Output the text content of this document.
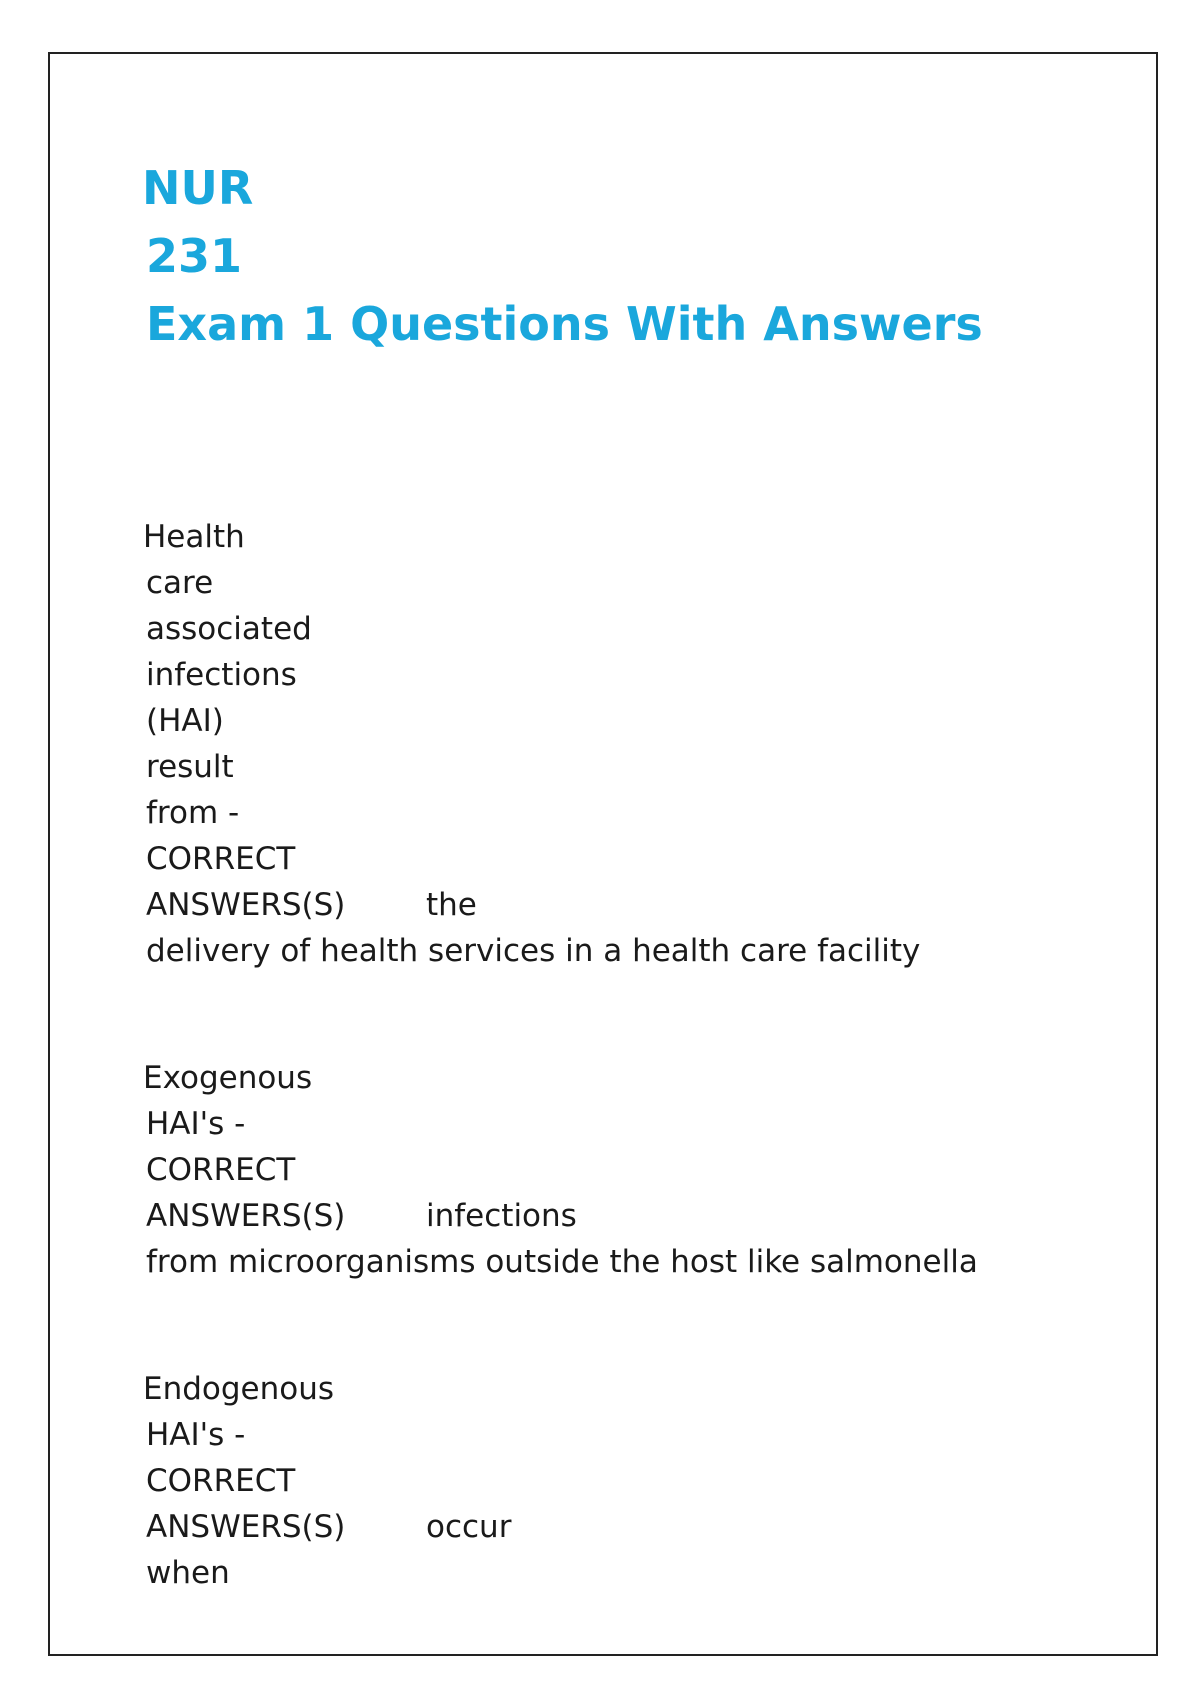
NUR
231
Exam 1 Questions With Answers
Health
care
associated
infections
(HAI)
result
from -
CORRECT
ANSWERS(S)	the
delivery of health services in a health care facility
Exogenous
HAI's -
CORRECT
ANSWERS(S)	infections
from microorganisms outside the host like salmonella
Endogenous
HAI's -
CORRECT
ANSWERS(S)	occur
when
